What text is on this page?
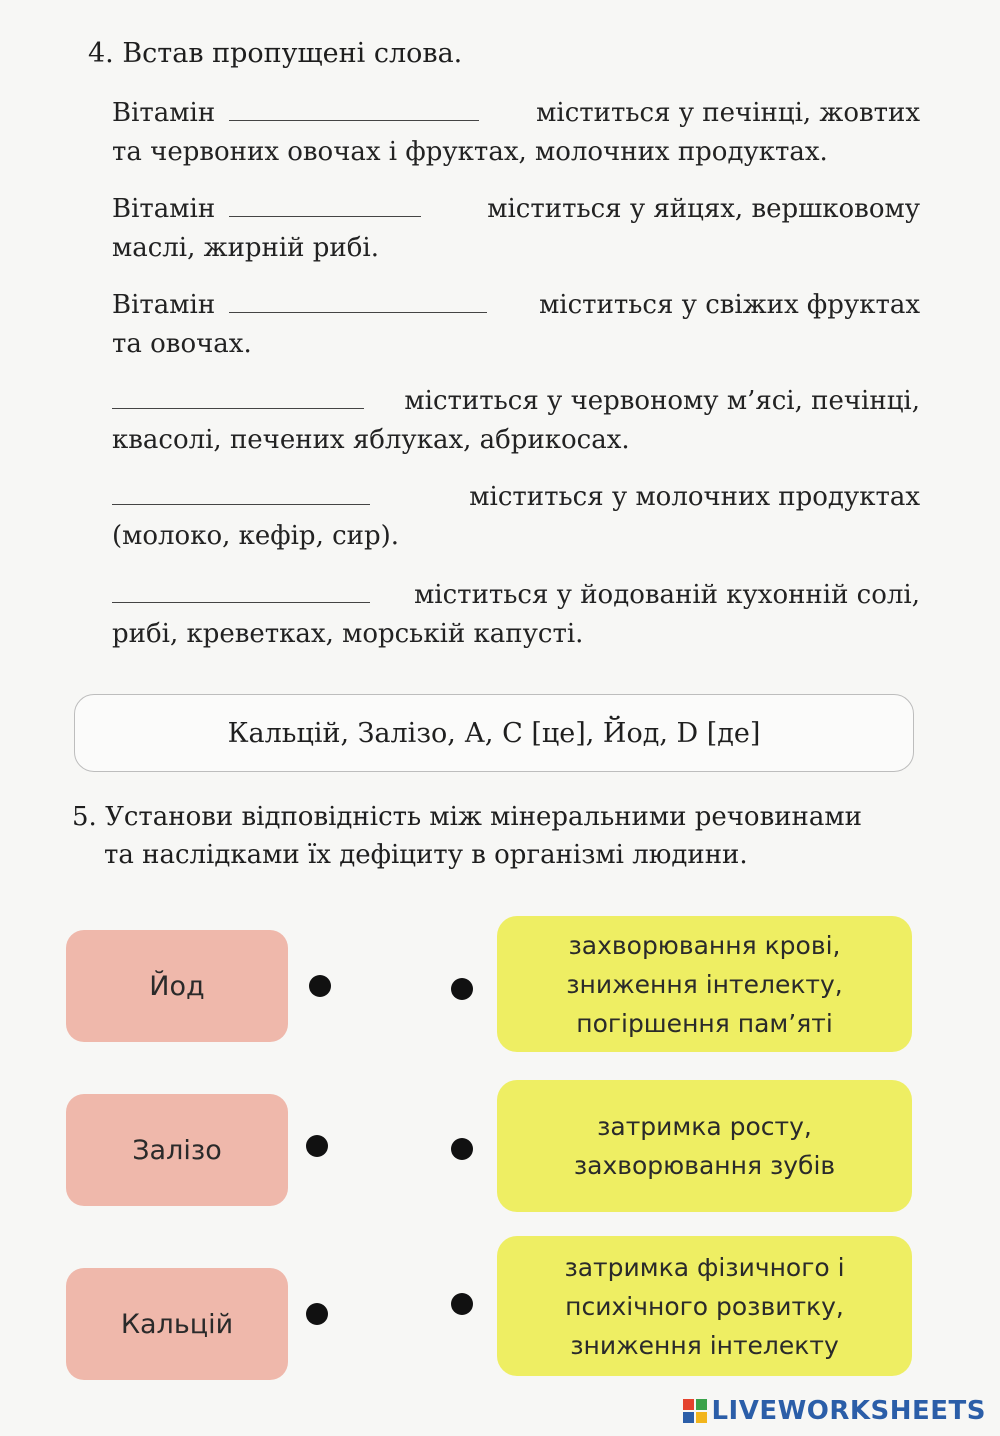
4. Встав пропущені слова.
Вітамін	міститься у печінці, жовтих
та червоних овочах і фруктах, молочних продуктах.
Вітамін	міститься у яйцях, вершковому
маслі, жирній рибі.
Вітамін	міститься у свіжих фруктах
та овочах.
міститься у червоному м’ясі, печінці,
квасолі, печених яблуках, абрикосах.
міститься у молочних продуктах
(молоко, кефір, сир).
міститься у йодованій кухонній солі,
рибі, креветках, морській капусті.
Кальцій, Залізо, А, С [це], Йод, D [де]
5. Установи відповідність між мінеральними речовинами
та наслідками їх дефіциту в організмі людини.
Йод
Залізо
Кальцій
захворювання крові,
зниження інтелекту,
погіршення пам’яті
затримка росту,
захворювання зубів
затримка фізичного і
психічного розвитку,
зниження інтелекту
LIVEWORKSHEETS
